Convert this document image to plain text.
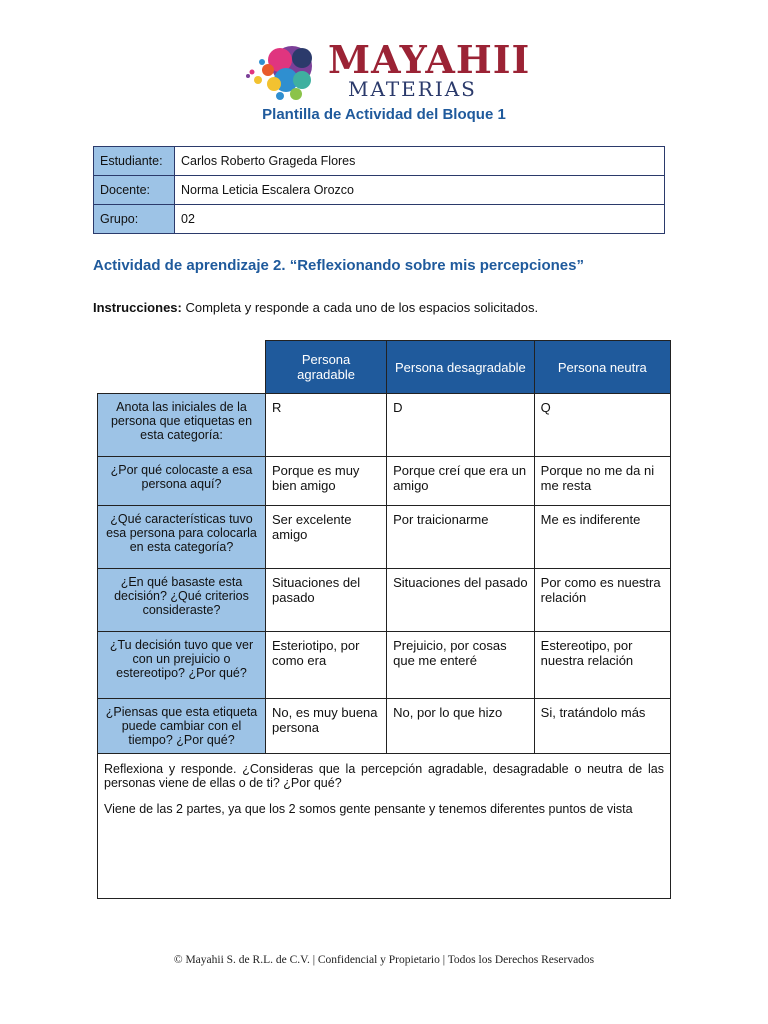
MAYAHII
MATERIAS
Plantilla de Actividad del Bloque 1
Estudiante:	Carlos Roberto Grageda Flores
Docente:	Norma Leticia Escalera Orozco
Grupo:	02
Actividad de aprendizaje 2. “Reflexionando sobre mis percepciones”
Instrucciones: Completa y responde a cada uno de los espacios solicitados.
	Persona agradable	Persona desagradable	Persona neutra
Anota las iniciales de la persona que etiquetas en esta categoría:	R	D	Q
¿Por qué colocaste a esa persona aquí?	Porque es muy bien amigo	Porque creí que era un amigo	Porque no me da ni me resta
¿Qué características tuvo esa persona para colocarla en esta categoría?	Ser excelente amigo	Por traicionarme	Me es indiferente
¿En qué basaste esta decisión? ¿Qué criterios consideraste?	Situaciones del pasado	Situaciones del pasado	Por como es nuestra relación
¿Tu decisión tuvo que ver con un prejuicio o estereotipo? ¿Por qué?	Esteriotipo, por como era	Prejuicio, por cosas que me enteré	Estereotipo, por nuestra relación
¿Piensas que esta etiqueta puede cambiar con el tiempo? ¿Por qué?	No, es muy buena persona	No, por lo que hizo	Si, tratándolo más

Reflexiona y responde. ¿Consideras que la percepción agradable, desagradable o neutra de las personas viene de ellas o de ti? ¿Por qué?

Viene de las 2 partes, ya que los 2 somos gente pensante y tenemos diferentes puntos de vista			

© Mayahii S. de R.L. de C.V. | Confidencial y Propietario | Todos los Derechos Reservados
